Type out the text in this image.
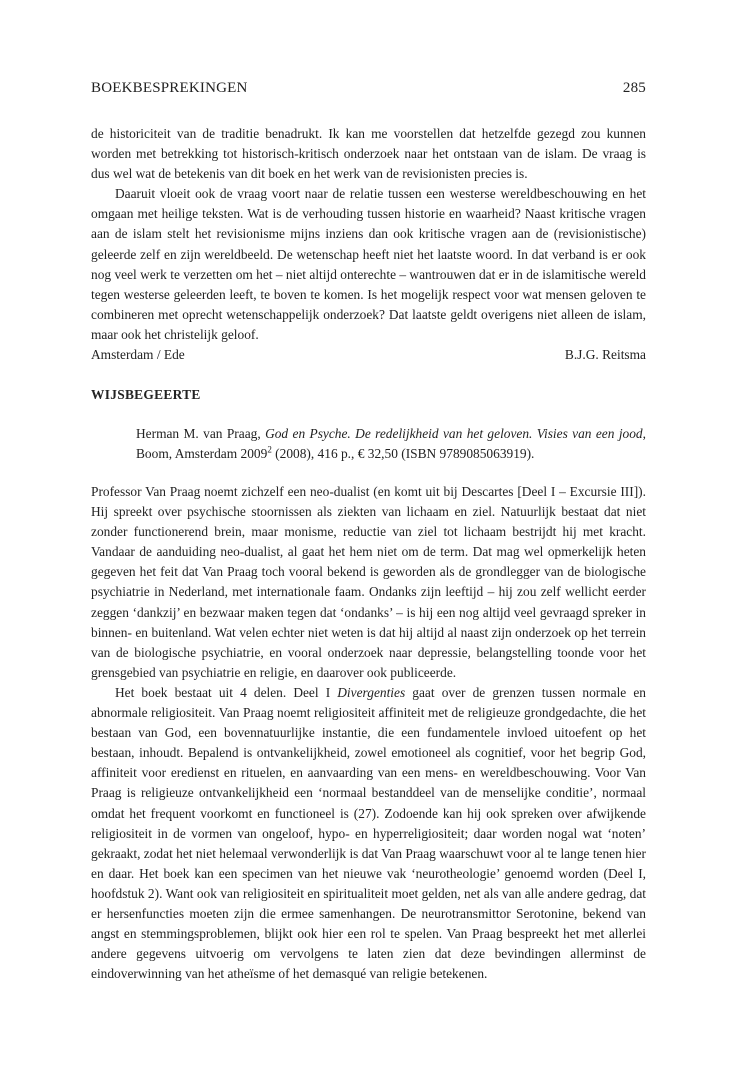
BOEKBESPREKINGEN	285

de historiciteit van de traditie benadrukt. Ik kan me voorstellen dat hetzelfde gezegd zou kunnen worden met betrekking tot historisch-kritisch onderzoek naar het ontstaan van de islam. De vraag is dus wel wat de betekenis van dit boek en het werk van de revisionisten precies is.

Daaruit vloeit ook de vraag voort naar de relatie tussen een westerse wereldbeschouwing en het omgaan met heilige teksten. Wat is de verhouding tussen historie en waarheid? Naast kritische vragen aan de islam stelt het revisionisme mijns inziens dan ook kritische vragen aan de (revisionistische) geleerde zelf en zijn wereldbeeld. De wetenschap heeft niet het laatste woord. In dat verband is er ook nog veel werk te verzetten om het – niet altijd onterechte – wantrouwen dat er in de islamitische wereld tegen westerse geleerden leeft, te boven te komen. Is het mogelijk respect voor wat mensen geloven te combineren met oprecht wetenschappelijk onderzoek? Dat laatste geldt overigens niet alleen de islam, maar ook het christelijk geloof.

Amsterdam / Ede	B.J.G. Reitsma
WIJSBEGEERTE
Herman M. van Praag, God en Psyche. De redelijkheid van het geloven. Visies van een jood, Boom, Amsterdam 2009$^2$ (2008), 416 p., € 32,50 (ISBN 9789085063919).

Professor Van Praag noemt zichzelf een neo-dualist (en komt uit bij Descartes [Deel I – Excursie III]). Hij spreekt over psychische stoornissen als ziekten van lichaam en ziel. Natuurlijk bestaat dat niet zonder functionerend brein, maar monisme, reductie van ziel tot lichaam bestrijdt hij met kracht. Vandaar de aanduiding neo-dualist, al gaat het hem niet om de term. Dat mag wel opmerkelijk heten gegeven het feit dat Van Praag toch vooral bekend is geworden als de grondlegger van de biologische psychiatrie in Nederland, met internationale faam. Ondanks zijn leeftijd – hij zou zelf wellicht eerder zeggen ‘dankzij’ en bezwaar maken tegen dat ‘ondanks’ – is hij een nog altijd veel gevraagd spreker in binnen- en buitenland. Wat velen echter niet weten is dat hij altijd al naast zijn onderzoek op het terrein van de biologische psychiatrie, en vooral onderzoek naar depressie, belangstelling toonde voor het grensgebied van psychiatrie en religie, en daarover ook publiceerde.

Het boek bestaat uit 4 delen. Deel I Divergenties gaat over de grenzen tussen normale en abnormale religiositeit. Van Praag noemt religiositeit affiniteit met de religieuze grondgedachte, die het bestaan van God, een bovennatuurlijke instantie, die een fundamentele invloed uitoefent op het bestaan, inhoudt. Bepalend is ontvankelijkheid, zowel emotioneel als cognitief, voor het begrip God, affiniteit voor eredienst en rituelen, en aanvaarding van een mens- en wereldbeschouwing. Voor Van Praag is religieuze ontvankelijkheid een ‘normaal bestanddeel van de menselijke conditie’, normaal omdat het frequent voorkomt en functioneel is (27). Zodoende kan hij ook spreken over afwijkende religiositeit in de vormen van ongeloof, hypo- en hyperreligiositeit; daar worden nogal wat ‘noten’ gekraakt, zodat het niet helemaal verwonderlijk is dat Van Praag waarschuwt voor al te lange tenen hier en daar. Het boek kan een specimen van het nieuwe vak ‘neurotheologie’ genoemd worden (Deel I, hoofdstuk 2). Want ook van religiositeit en spiritualiteit moet gelden, net als van alle andere gedrag, dat er hersenfuncties moeten zijn die ermee samenhangen. De neurotransmittor Serotonine, bekend van angst en stemmingsproblemen, blijkt ook hier een rol te spelen. Van Praag bespreekt het met allerlei andere gegevens uitvoerig om vervolgens te laten zien dat deze bevindingen allerminst de eindoverwinning van het atheïsme of het demasqué van religie betekenen.
